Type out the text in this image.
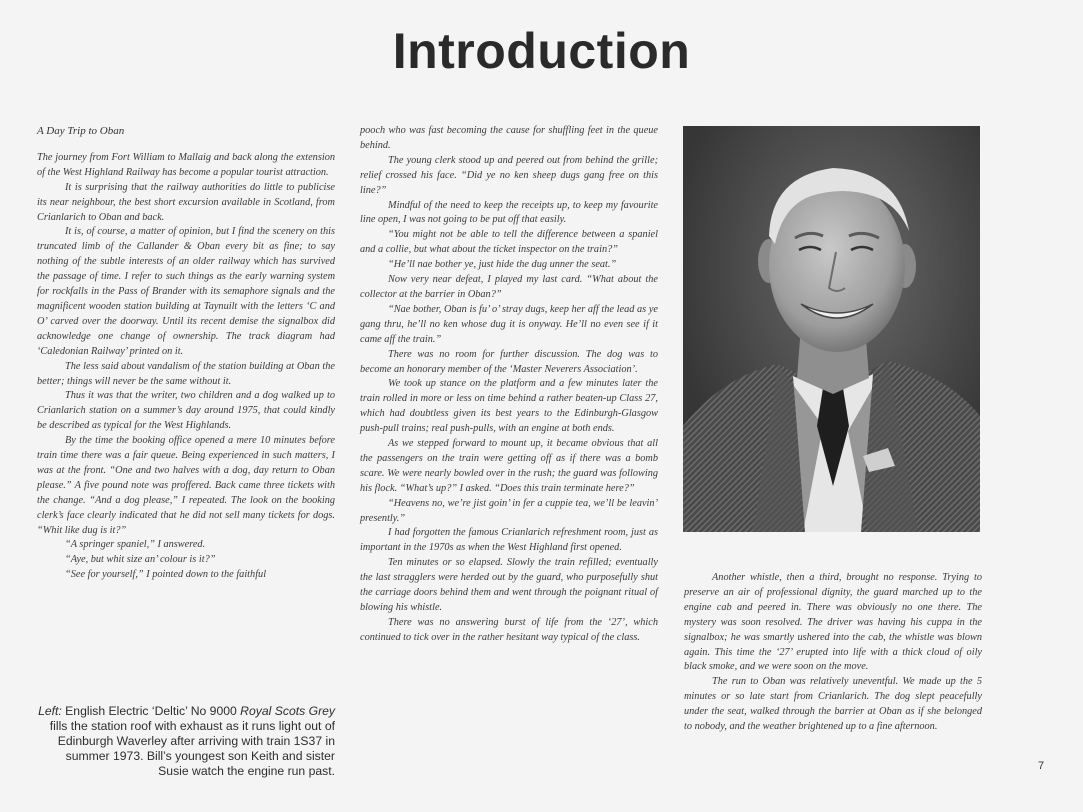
Introduction
A Day Trip to Oban

The journey from Fort William to Mallaig and back along the extension of the West Highland Railway has become a popular tourist attraction.

It is surprising that the railway authorities do little to publicise its near neighbour, the best short excursion available in Scotland, from Crianlarich to Oban and back.

It is, of course, a matter of opinion, but I find the scenery on this truncated limb of the Callander & Oban every bit as fine; to say nothing of the subtle interests of an older railway which has survived the passage of time. I refer to such things as the early warning system for rockfalls in the Pass of Brander with its semaphore signals and the magnificent wooden station building at Taynuilt with the letters ‘C and O’ carved over the doorway. Until its recent demise the signalbox did acknowledge one change of ownership. The track diagram had ‘Caledonian Railway’ printed on it.

The less said about vandalism of the station building at Oban the better; things will never be the same without it.

Thus it was that the writer, two children and a dog walked up to Crianlarich station on a summer’s day around 1975, that could kindly be described as typical for the West Highlands.

By the time the booking office opened a mere 10 minutes before train time there was a fair queue. Being experienced in such matters, I was at the front. “One and two halves with a dog, day return to Oban please.” A five pound note was proffered. Back came three tickets with the change. “And a dog please,” I repeated. The look on the booking clerk’s face clearly indicated that he did not sell many tickets for dogs. “Whit like dug is it?”

“A springer spaniel,” I answered.

“Aye, but whit size an’ colour is it?”

“See for yourself,” I pointed down to the faithful

pooch who was fast becoming the cause for shuffling feet in the queue behind.

The young clerk stood up and peered out from behind the grille; relief crossed his face. “Did ye no ken sheep dugs gang free on this line?”

Mindful of the need to keep the receipts up, to keep my favourite line open, I was not going to be put off that easily.

“You might not be able to tell the difference between a spaniel and a collie, but what about the ticket inspector on the train?”

“He’ll nae bother ye, just hide the dug unner the seat.”

Now very near defeat, I played my last card. “What about the collector at the barrier in Oban?”

“Nae bother, Oban is fu’ o’ stray dugs, keep her aff the lead as ye gang thru, he’ll no ken whose dug it is onyway. He’ll no even see if it came aff the train.”

There was no room for further discussion. The dog was to become an honorary member of the ‘Master Neverers Association’.

We took up stance on the platform and a few minutes later the train rolled in more or less on time behind a rather beaten-up Class 27, which had doubtless given its best years to the Edinburgh-Glasgow push-pull trains; real push-pulls, with an engine at both ends.

As we stepped forward to mount up, it became obvious that all the passengers on the train were getting off as if there was a bomb scare. We were nearly bowled over in the rush; the guard was following his flock. “What’s up?” I asked. “Does this train terminate here?”

“Heavens no, we’re jist goin’ in fer a cuppie tea, we’ll be leavin’ presently.”

I had forgotten the famous Crianlarich refreshment room, just as important in the 1970s as when the West Highland first opened.

Ten minutes or so elapsed. Slowly the train refilled; eventually the last stragglers were herded out by the guard, who purposefully shut the carriage doors behind them and went through the poignant ritual of blowing his whistle.

There was no answering burst of life from the ‘27’, which continued to tick over in the rather hesitant way typical of the class.

Another whistle, then a third, brought no response. Trying to preserve an air of professional dignity, the guard marched up to the engine cab and peered in. There was obviously no one there. The mystery was soon resolved. The driver was having his cuppa in the signalbox; he was smartly ushered into the cab, the whistle was blown again. This time the ‘27’ erupted into life with a thick cloud of oily black smoke, and we were soon on the move.

The run to Oban was relatively uneventful. We made up the 5 minutes or so late start from Crianlarich. The dog slept peacefully under the seat, walked through the barrier at Oban as if she belonged to nobody, and the weather brightened up to a fine afternoon.

Left: English Electric ‘Deltic’ No 9000 Royal Scots Grey fills the station roof with exhaust as it runs light out of Edinburgh Waverley after arriving with train 1S37 in summer 1973. Bill’s youngest son Keith and sister Susie watch the engine run past.	7
